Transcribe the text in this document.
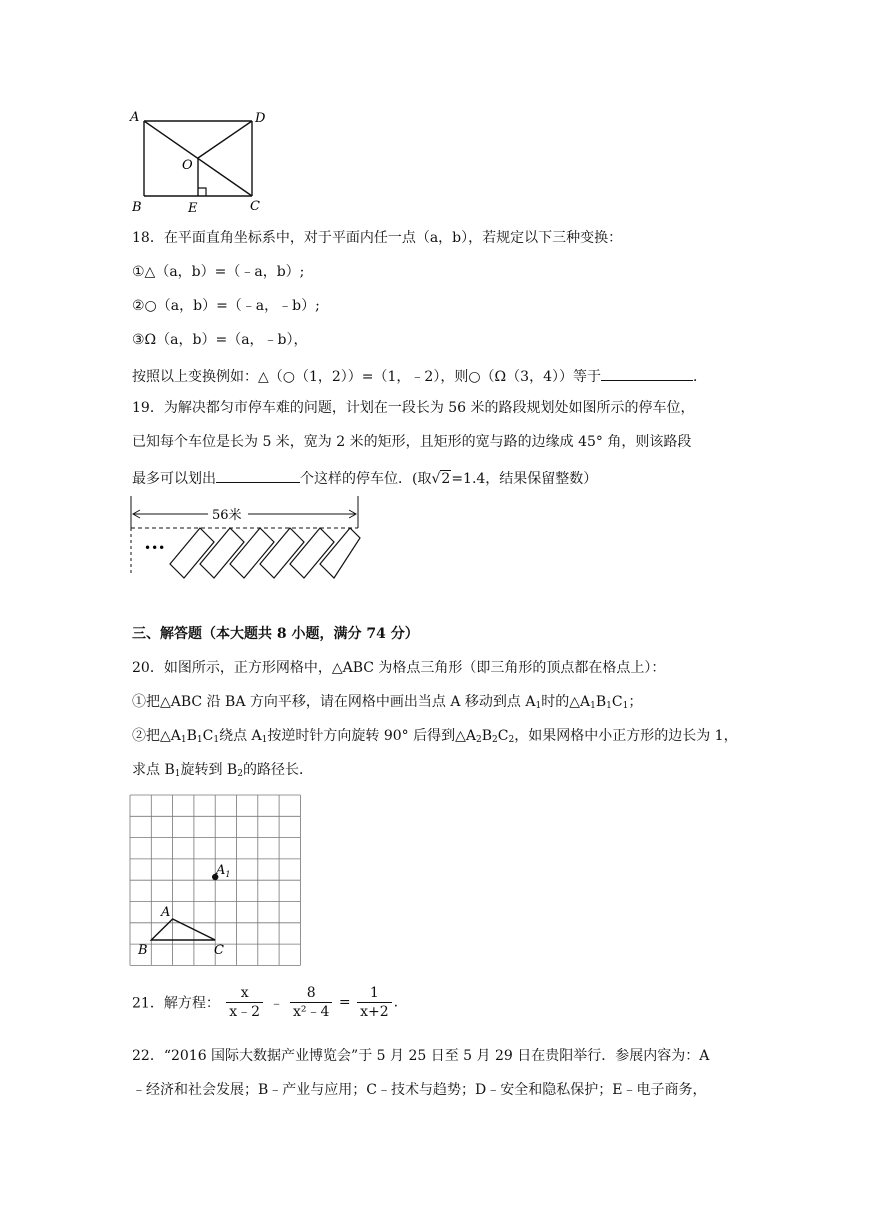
A	D
O
B	E	C
18．在平面直角坐标系中，对于平面内任一点（a，b），若规定以下三种变换：
①△（a，b）=（﹣a，b）;
②○（a，b）=（﹣a，﹣b）;
③Ω（a，b）=（a，﹣b），
按照以上变换例如：△（○（1，2））=（1，﹣2），则○（Ω（3，4））等于	．
19．为解决都匀市停车难的问题，计划在一段长为 56 米的路段规划处如图所示的停车位，
已知每个车位是长为 5 米，宽为 2 米的矩形，且矩形的宽与路的边缘成 45° 角，则该路段
最多可以划出	个这样的停车位．(取√2=1.4，结果保留整数）
56米
•••
三、解答题（本大题共 8 小题，满分 74 分）
20．如图所示，正方形网格中，△ABC 为格点三角形（即三角形的顶点都在格点上）：
①把△ABC 沿 BA 方向平移，请在网格中画出当点 A 移动到点 $A_1$时的$\triangle A_1B_1C_1$；
②把$\triangle A_1B_1C_1$绕点 $A_1$按逆时针方向旋转 90° 后得到$\triangle A_2B_2C_2$，如果网格中小正方形的边长为 1，
求点 $B_1$旋转到 $B_2$的路径长．
$A_1$
A
B	C
21．解方程： $\frac{x}{x﹣2}$ ﹣ $\frac{8}{\text{x²﹣4}} = \frac{1}{x+2}$ .
22．“2016 国际大数据产业博览会”于 5 月 25 日至 5 月 29 日在贵阳举行．参展内容为：A
﹣经济和社会发展；B﹣产业与应用；C﹣技术与趋势；D﹣安全和隐私保护；E﹣电子商务，
